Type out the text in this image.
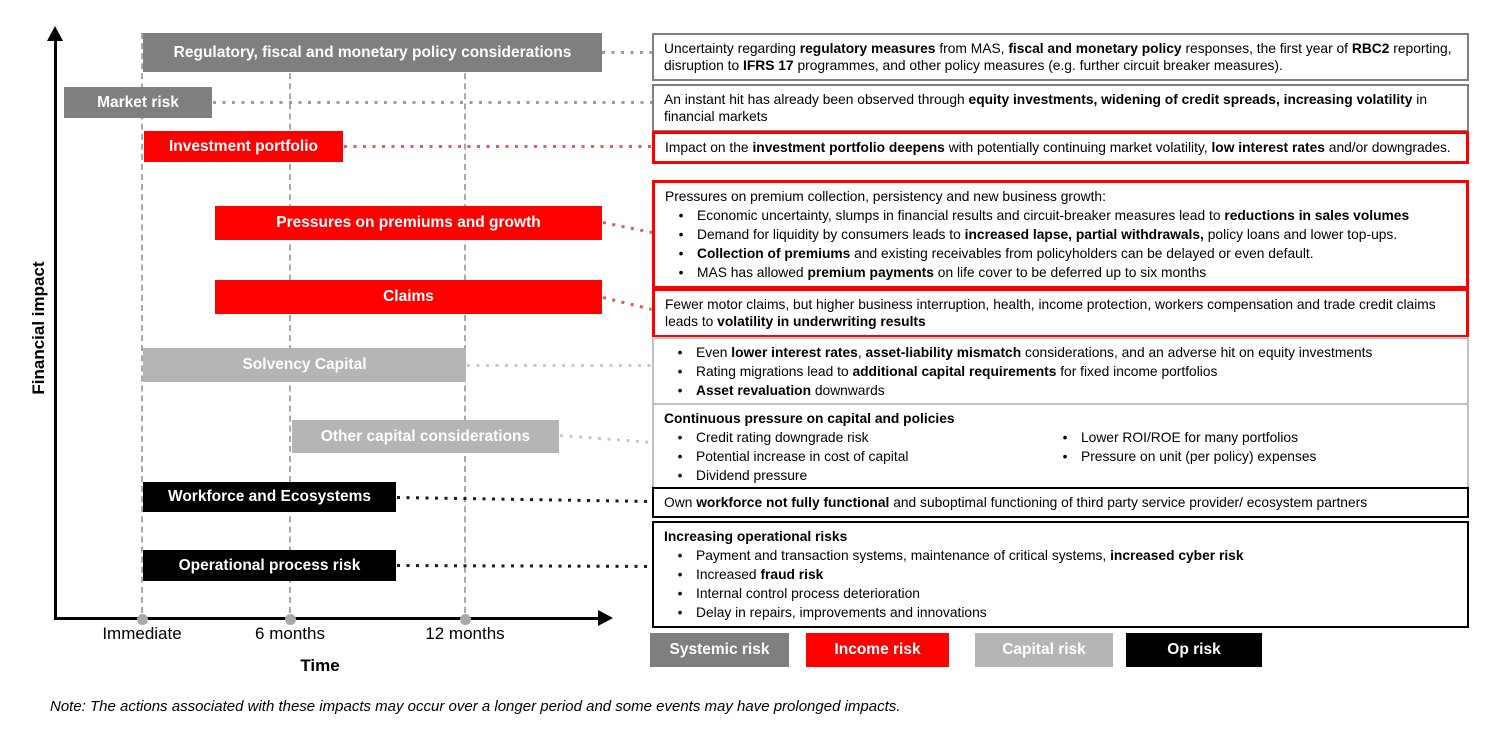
Financial impact
Time
Immediate	6 months	12 months
Regulatory, fiscal and monetary policy considerations
Market risk
Investment portfolio
Pressures on premiums and growth
Claims
Solvency Capital
Other capital considerations
Workforce and Ecosystems
Operational process risk
Uncertainty regarding regulatory measures from MAS, fiscal and monetary policy responses, the first year of RBC2 reporting, disruption to IFRS 17 programmes, and other policy measures (e.g. further circuit breaker measures).
An instant hit has already been observed through equity investments, widening of credit spreads, increasing volatility in financial markets
Impact on the investment portfolio deepens with potentially continuing market volatility, low interest rates and/or downgrades.
Pressures on premium collection, persistency and new business growth:
• Economic uncertainty, slumps in financial results and circuit-breaker measures lead to reductions in sales volumes
• Demand for liquidity by consumers leads to increased lapse, partial withdrawals, policy loans and lower top-ups.
• Collection of premiums and existing receivables from policyholders can be delayed or even default.
• MAS has allowed premium payments on life cover to be deferred up to six months
Fewer motor claims, but higher business interruption, health, income protection, workers compensation and trade credit claims leads to volatility in underwriting results
• Even lower interest rates, asset-liability mismatch considerations, and an adverse hit on equity investments
• Rating migrations lead to additional capital requirements for fixed income portfolios
• Asset revaluation downwards
Continuous pressure on capital and policies
• Credit rating downgrade risk
• Potential increase in cost of capital
• Dividend pressure
• Lower ROI/ROE for many portfolios
• Pressure on unit (per policy) expenses
Own workforce not fully functional and suboptimal functioning of third party service provider/ ecosystem partners
Increasing operational risks
• Payment and transaction systems, maintenance of critical systems, increased cyber risk
• Increased fraud risk
• Internal control process deterioration
• Delay in repairs, improvements and innovations
Systemic risk	Income risk	Capital risk	Op risk
Note: The actions associated with these impacts may occur over a longer period and some events may have prolonged impacts.
